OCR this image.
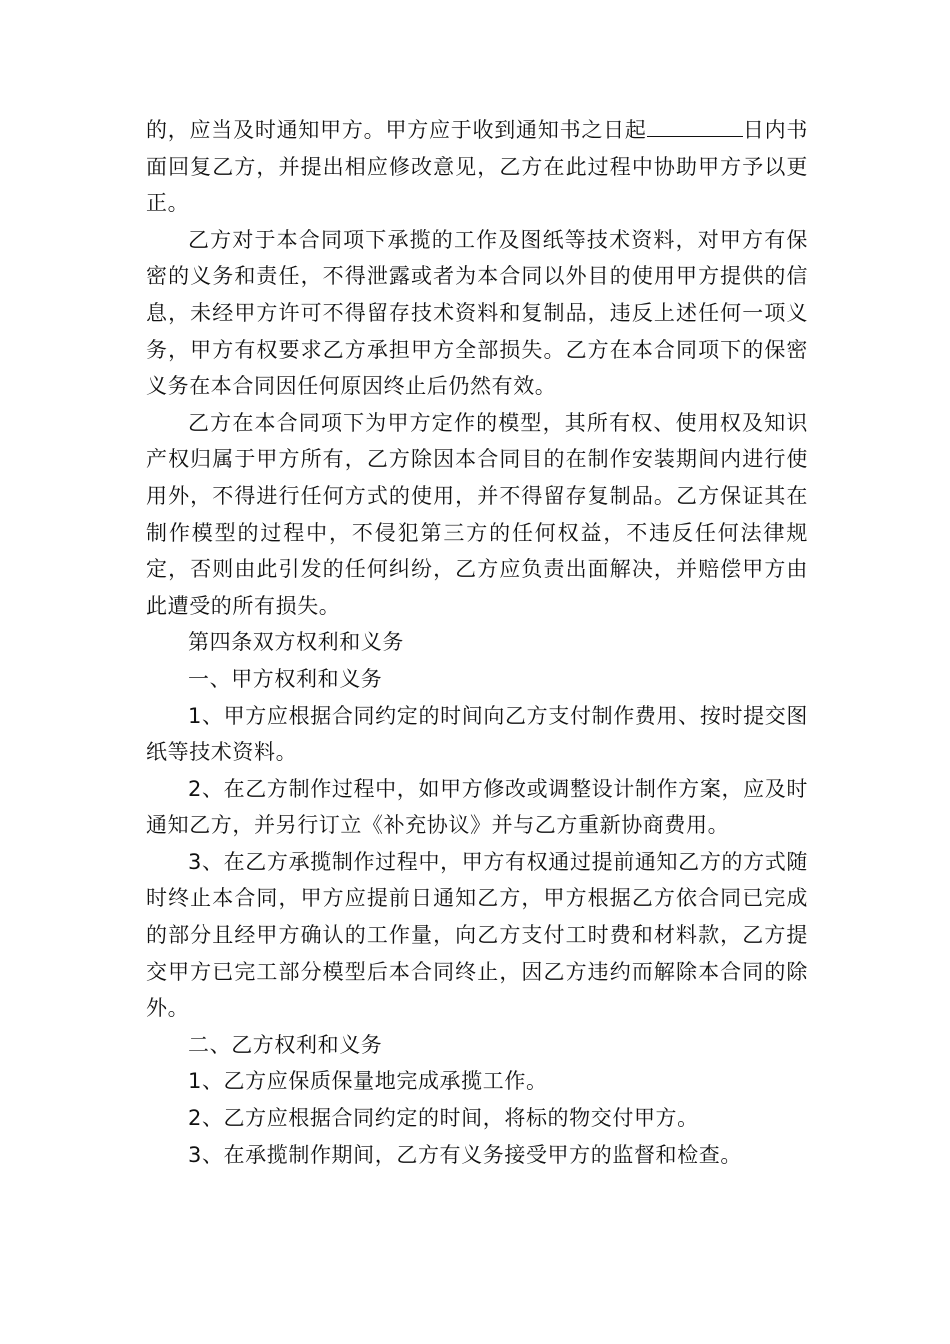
的，应当及时通知甲方。甲方应于收到通知书之日起	日内书面回复乙方，并提出相应修改意见，乙方在此过程中协助甲方予以更正。

乙方对于本合同项下承揽的工作及图纸等技术资料，对甲方有保密的义务和责任，不得泄露或者为本合同以外目的使用甲方提供的信息，未经甲方许可不得留存技术资料和复制品，违反上述任何一项义务，甲方有权要求乙方承担甲方全部损失。乙方在本合同项下的保密义务在本合同因任何原因终止后仍然有效。

乙方在本合同项下为甲方定作的模型，其所有权、使用权及知识产权归属于甲方所有，乙方除因本合同目的在制作安装期间内进行使用外，不得进行任何方式的使用，并不得留存复制品。乙方保证其在制作模型的过程中，不侵犯第三方的任何权益，不违反任何法律规定，否则由此引发的任何纠纷，乙方应负责出面解决，并赔偿甲方由此遭受的所有损失。

第四条双方权利和义务

一、甲方权利和义务

1、甲方应根据合同约定的时间向乙方支付制作费用、按时提交图纸等技术资料。

2、在乙方制作过程中，如甲方修改或调整设计制作方案，应及时通知乙方，并另行订立《补充协议》并与乙方重新协商费用。

3、在乙方承揽制作过程中，甲方有权通过提前通知乙方的方式随时终止本合同，甲方应提前日通知乙方，甲方根据乙方依合同已完成的部分且经甲方确认的工作量，向乙方支付工时费和材料款，乙方提交甲方已完工部分模型后本合同终止，因乙方违约而解除本合同的除外。

二、乙方权利和义务

1、乙方应保质保量地完成承揽工作。

2、乙方应根据合同约定的时间，将标的物交付甲方。

3、在承揽制作期间，乙方有义务接受甲方的监督和检查。
